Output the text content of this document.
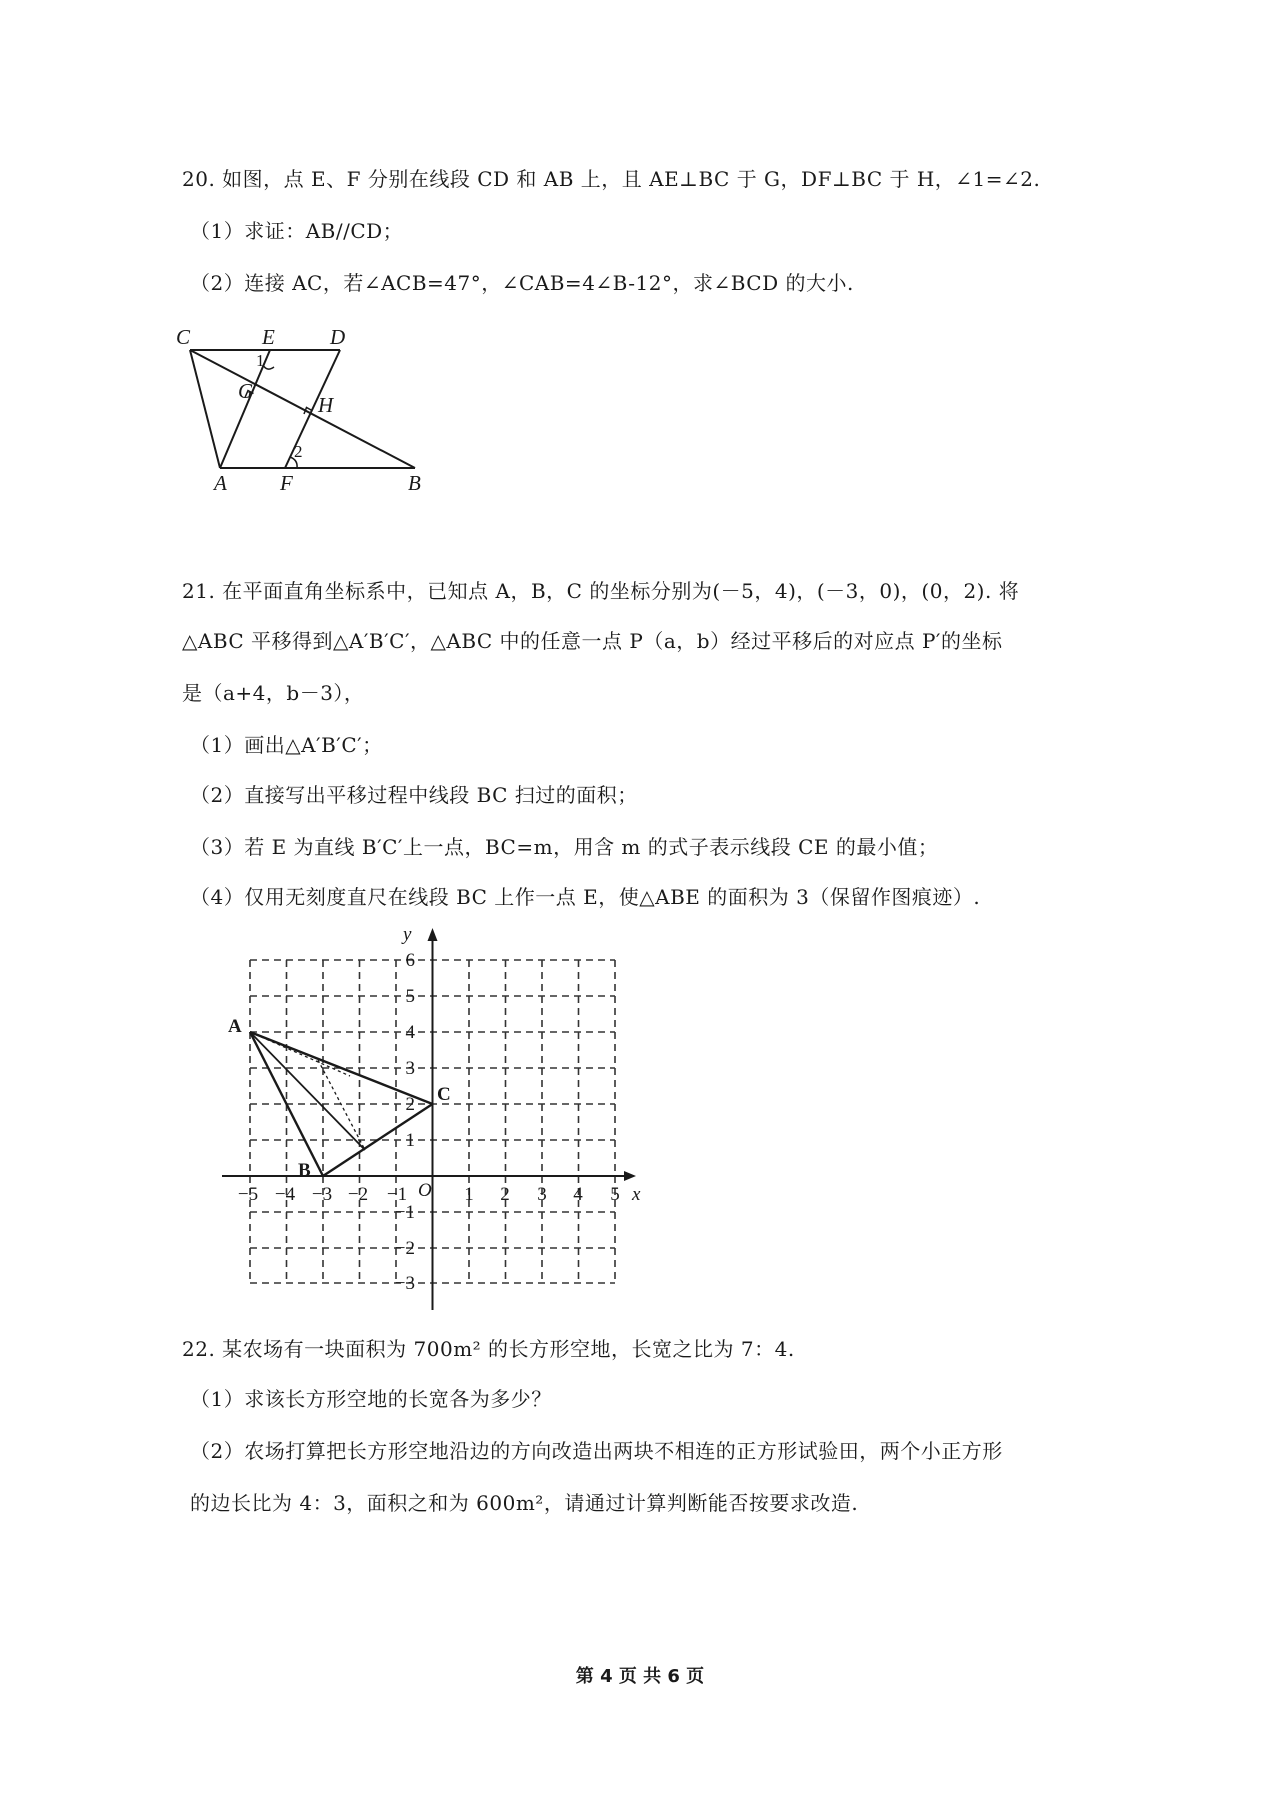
20. 如图，点 E、F 分别在线段 CD 和 AB 上，且 AE⊥BC 于 G，DF⊥BC 于 H，∠1=∠2.

（1）求证：AB//CD；

（2）连接 AC，若∠ACB=47°，∠CAB=4∠B-12°，求∠BCD 的大小.

C	E	D
G
H
A	F	B
1
2

21. 在平面直角坐标系中，已知点 A，B，C 的坐标分别为(－5，4)，(－3，0)，(0，2). 将

△ABC 平移得到△A′B′C′，△ABC 中的任意一点 P（a，b）经过平移后的对应点 P′的坐标

是（a+4，b－3），

（1）画出△A′B′C′；

（2）直接写出平移过程中线段 BC 扫过的面积；

（3）若 E 为直线 B′C′上一点，BC=m，用含 m 的式子表示线段 CE 的最小值；

（4）仅用无刻度直尺在线段 BC 上作一点 E，使△ABE 的面积为 3（保留作图痕迹）.

−5 −4 −3 −2 −1	1 2 3 4 5
6
5
4
3
2
1
−1
−2
−3
x
y
O
A
B
C

22. 某农场有一块面积为 700m² 的长方形空地，长宽之比为 7：4.

（1）求该长方形空地的长宽各为多少？

（2）农场打算把长方形空地沿边的方向改造出两块不相连的正方形试验田，两个小正方形

的边长比为 4：3，面积之和为 600m²，请通过计算判断能否按要求改造.

第 4 页 共 6 页
